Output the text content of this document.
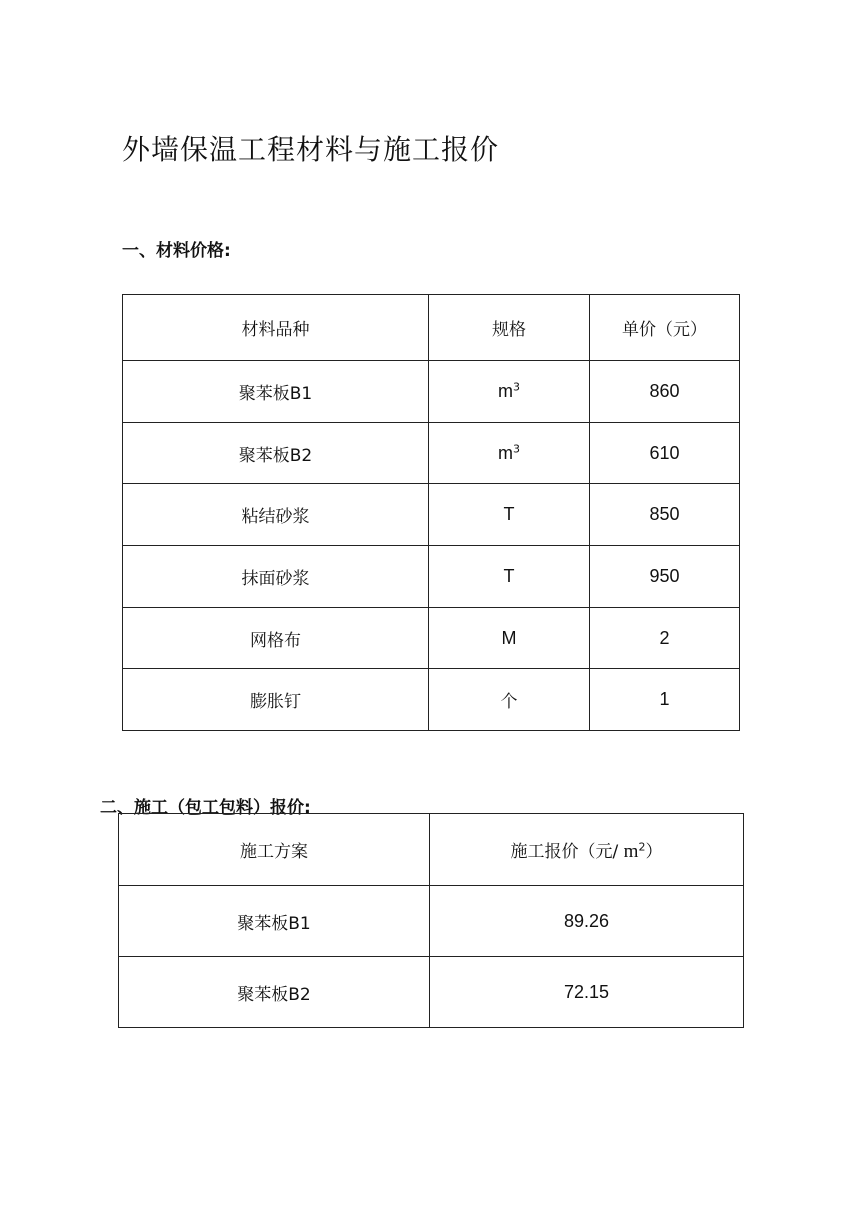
外墙保温工程材料与施工报价
一、材料价格:
材料品种	规格	单价（元）
聚苯板B1	$m^3$	860
聚苯板B2	$m^3$	610
粘结砂浆	T	850
抹面砂浆	T	950
网格布	M	2
膨胀钉	个	1
二、施工（包工包料）报价:
施工方案	施工报价（元/ $m^2$）
聚苯板B1	89.26
聚苯板B2	72.15
